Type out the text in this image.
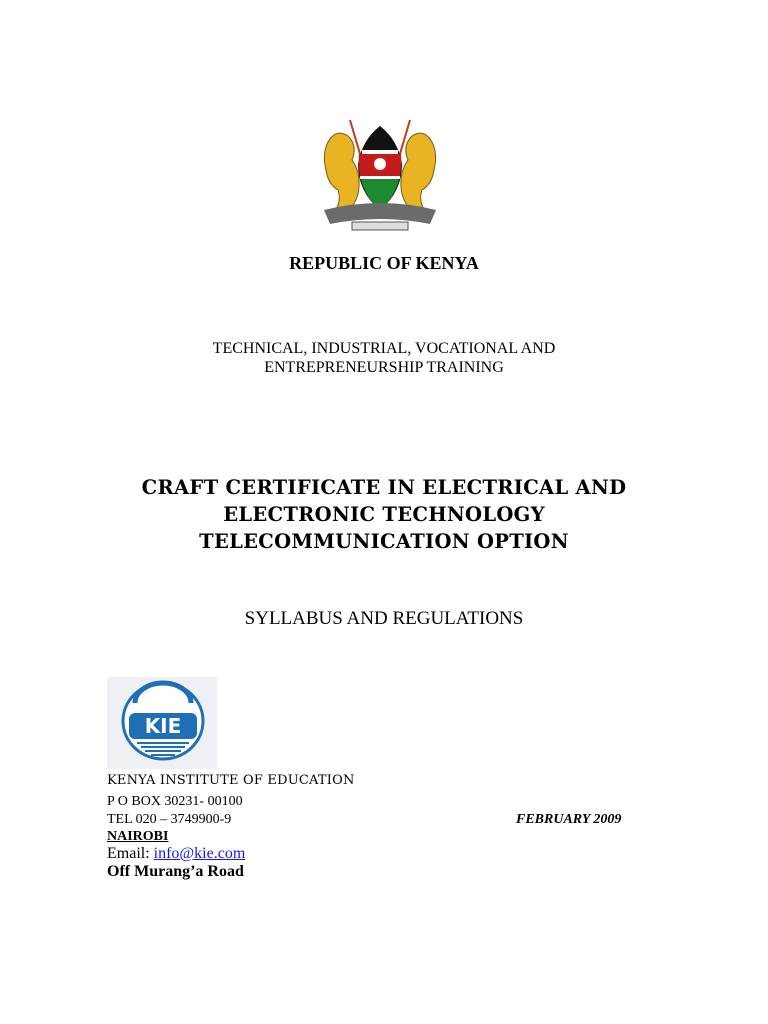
REPUBLIC OF KENYA
TECHNICAL, INDUSTRIAL, VOCATIONAL AND
ENTREPRENEURSHIP TRAINING
CRAFT CERTIFICATE IN ELECTRICAL AND
ELECTRONIC TECHNOLOGY
TELECOMMUNICATION OPTION
SYLLABUS AND REGULATIONS
KIE
KENYA INSTITUTE OF EDUCATION
P O BOX 30231- 00100
TEL 020 – 3749900-9
NAIROBI
Email: info@kie.com
Off Murang’a Road
FEBRUARY 2009
